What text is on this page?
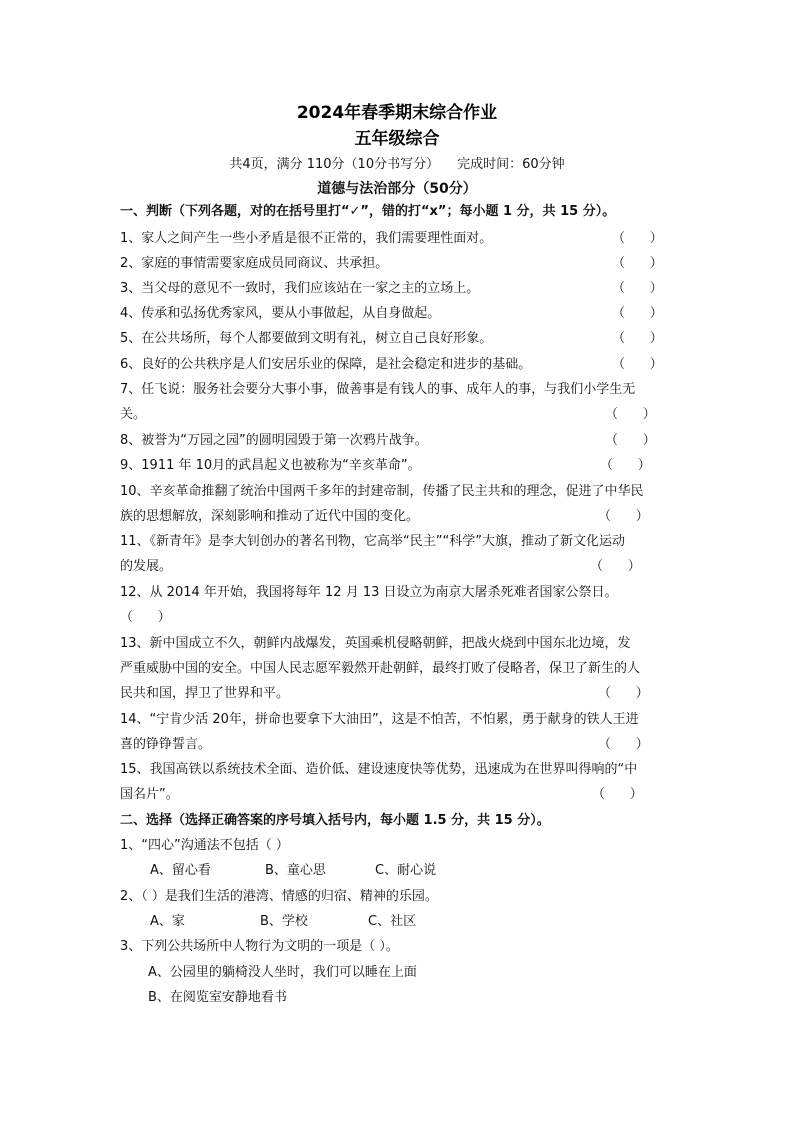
2024年春季期末综合作业
五年级综合
共4页，满分 110分（10分书写分） 完成时间：60分钟
道德与法治部分（50分）
一、判断（下列各题，对的在括号里打“✓”，错的打“x”；每小题 1 分，共 15 分）。
1、家人之间产生一些小矛盾是很不正常的，我们需要理性面对。	（      ）
2、家庭的事情需要家庭成员同商议、共承担。	（      ）
3、当父母的意见不一致时，我们应该站在一家之主的立场上。	（      ）
4、传承和弘扬优秀家风，要从小事做起，从自身做起。	（      ）
5、在公共场所，每个人都要做到文明有礼，树立自己良好形象。	（      ）
6、良好的公共秩序是人们安居乐业的保障，是社会稳定和进步的基础。	（      ）
7、任飞说：服务社会要分大事小事，做善事是有钱人的事、成年人的事，与我们小学生无
关。	（      ）
8、被誉为“万园之园”的圆明园毁于第一次鸦片战争。	（      ）
9、1911 年 10月的武昌起义也被称为“辛亥革命”。	（      ）
10、辛亥革命推翻了统治中国两千多年的封建帝制，传播了民主共和的理念，促进了中华民
族的思想解放，深刻影响和推动了近代中国的变化。	（      ）
11、《新青年》是李大钊创办的著名刊物，它高举“民主”“科学”大旗，推动了新文化运动
的发展。	（      ）
12、从 2014 年开始，我国将每年 12 月 13 日设立为南京大屠杀死难者国家公祭日。
（      ）
13、新中国成立不久，朝鲜内战爆发，英国乘机侵略朝鲜，把战火烧到中国东北边境，发
严重威胁中国的安全。中国人民志愿军毅然开赴朝鲜，最终打败了侵略者，保卫了新生的人
民共和国，捍卫了世界和平。	（      ）
14、“宁肯少活 20年，拼命也要拿下大油田”，这是不怕苦，不怕累，勇于献身的铁人王进
喜的铮铮誓言。	（      ）
15、我国高铁以系统技术全面、造价低、建设速度快等优势，迅速成为在世界叫得响的“中
国名片”。	（      ）
二、选择（选择正确答案的序号填入括号内，每小题 1.5 分，共 15 分）。
1、“四心”沟通法不包括（ ）
A、留心看	B、童心思	C、耐心说
2、（ ）是我们生活的港湾、情感的归宿、精神的乐园。
A、家	B、学校	C、社区
3、下列公共场所中人物行为文明的一项是（ ）。
A、公园里的躺椅没人坐时，我们可以睡在上面
B、在阅览室安静地看书
